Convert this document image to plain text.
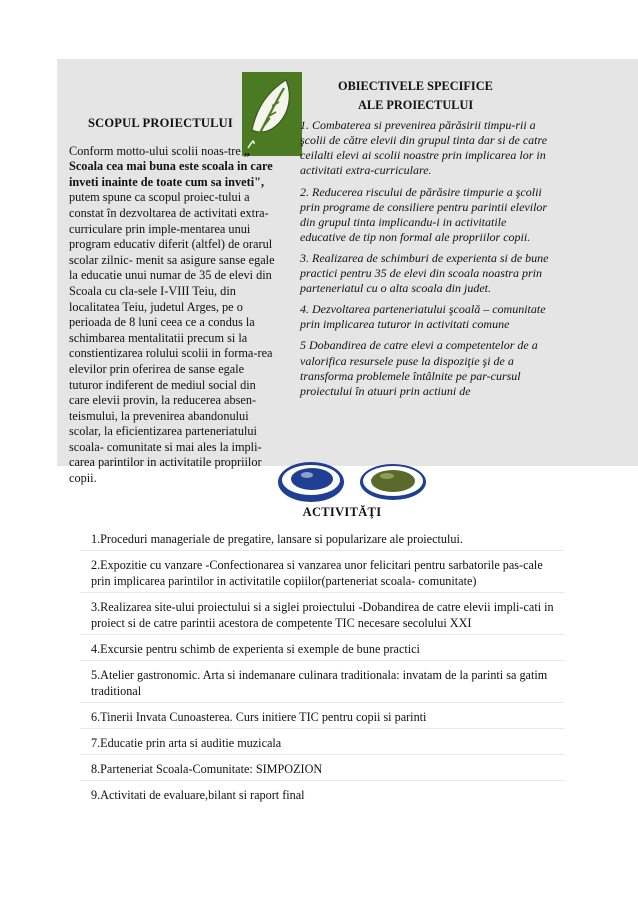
SCOPUL PROIECTULUI

Conform motto-ului scolii noas-tre „ Scoala cea mai buna este scoala in care inveti inainte de toate cum sa inveti", putem spune ca scopul proiec-tului a constat în dezvoltarea de activitati extra-curriculare prin imple-mentarea unui program educativ diferit (altfel) de orarul scolar zilnic- menit sa asigure sanse egale la educatie unui numar de 35 de elevi din Scoala cu cla-sele I-VIII Teiu, din localitatea Teiu, judetul Arges, pe o perioada de 8 luni ceea ce a condus la schimbarea mentalitatii precum si la constientizarea rolului scolii in forma-rea elevilor prin oferirea de sanse egale tuturor indiferent de mediul social din care elevii provin, la reducerea absen-teismului, la prevenirea abandonului scolar, la eficientizarea parteneriatului scoala- comunitate si mai ales la impli-carea parintilor in activitatile propriilor copii.

OBIECTIVELE SPECIFICE
ALE PROIECTULUI

1. Combaterea si prevenirea părăsirii timpu-rii a şcolii de către elevii din grupul tinta dar si de catre ceilalti elevi ai scolii noastre prin implicarea lor in activitati extra-curriculare.

2. Reducerea riscului de părăsire timpurie a şcolii prin programe de consiliere pentru parintii elevilor din grupul tinta implicandu-i in activitatile educative de tip non formal ale propriilor copii.

3. Realizarea de schimburi de experienta si de bune practici pentru 35 de elevi din scoala noastra prin parteneriatul cu o alta scoala din judet.

4. Dezvoltarea parteneriatului şcoală – comunitate prin implicarea tuturor in activitati comune

5 Dobandirea de catre elevi a competentelor de a valorifica resursele puse la dispoziţie şi de a transforma problemele întâlnite pe par-cursul proiectului în atuuri prin actiuni de

ACTIVITĂŢI

1.Proceduri manageriale de pregatire, lansare si popularizare ale proiectului.

2.Expozitie cu vanzare -Confectionarea si vanzarea unor felicitari pentru sarbatorile pas-cale prin implicarea parintilor in activitatile copiilor(parteneriat scoala- comunitate)

3.Realizarea site-ului proiectului si a siglei proiectului -Dobandirea de catre elevii impli-cati in proiect si de catre parintii acestora de competente TIC necesare secolului XXI

4.Excursie pentru schimb de experienta si exemple de bune practici

5.Atelier gastronomic. Arta si indemanare culinara traditionala: invatam de la parinti sa gatim traditional

6.Tinerii Invata Cunoasterea. Curs initiere TIC pentru copii si parinti

7.Educatie prin arta si auditie muzicala

8.Parteneriat Scoala-Comunitate: SIMPOZION

9.Activitati de evaluare,bilant si raport final
